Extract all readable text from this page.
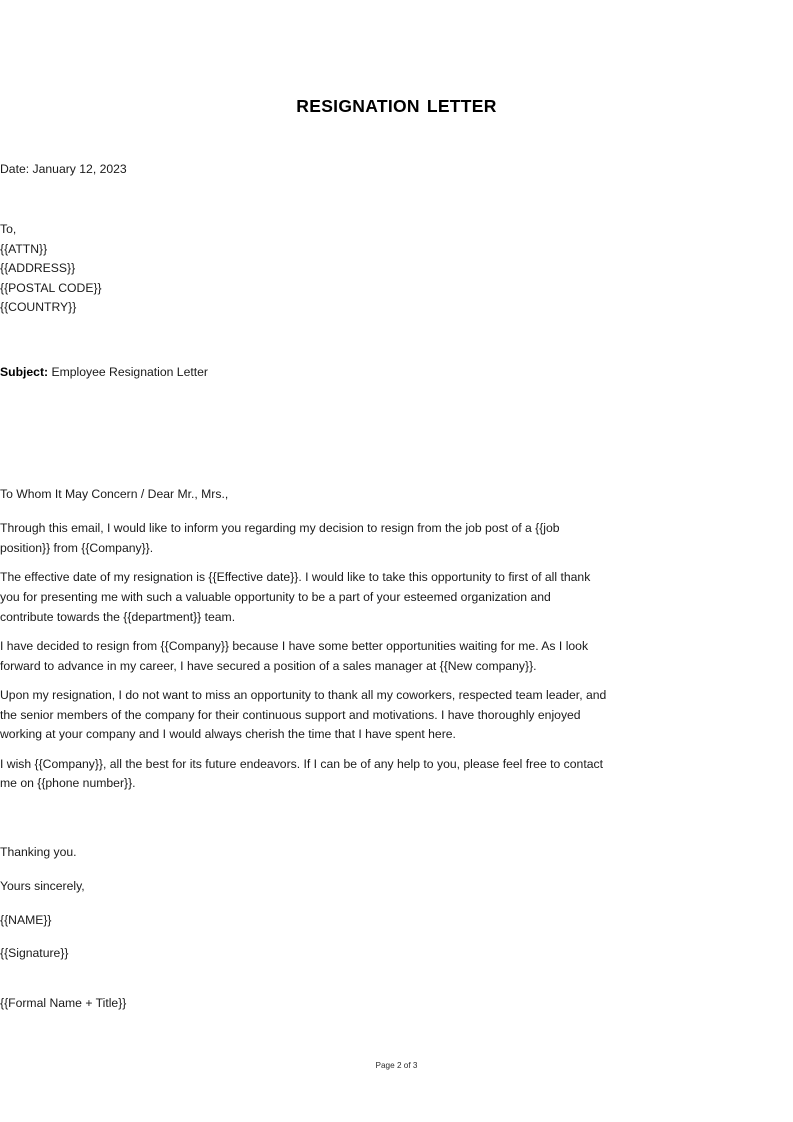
RESIGNATION LETTER
Date: January 12, 2023
To,
{{ATTN}}
{{ADDRESS}}
{{POSTAL CODE}}
{{COUNTRY}}
Subject: Employee Resignation Letter
To Whom It May Concern / Dear Mr., Mrs.,

Through this email, I would like to inform you regarding my decision to resign from the job post of a {{job position}} from {{Company}}.

The effective date of my resignation is {{Effective date}}. I would like to take this opportunity to first of all thank you for presenting me with such a valuable opportunity to be a part of your esteemed organization and contribute towards the {{department}} team.

I have decided to resign from {{Company}} because I have some better opportunities waiting for me. As I look forward to advance in my career, I have secured a position of a sales manager at {{New company}}.

Upon my resignation, I do not want to miss an opportunity to thank all my coworkers, respected team leader, and the senior members of the company for their continuous support and motivations. I have thoroughly enjoyed working at your company and I would always cherish the time that I have spent here.

I wish {{Company}}, all the best for its future endeavors. If I can be of any help to you, please feel free to contact me on {{phone number}}.

Thanking you.
Yours sincerely,
{{NAME}}
{{Signature}}
{{Formal Name + Title}}
Page 2 of 3
